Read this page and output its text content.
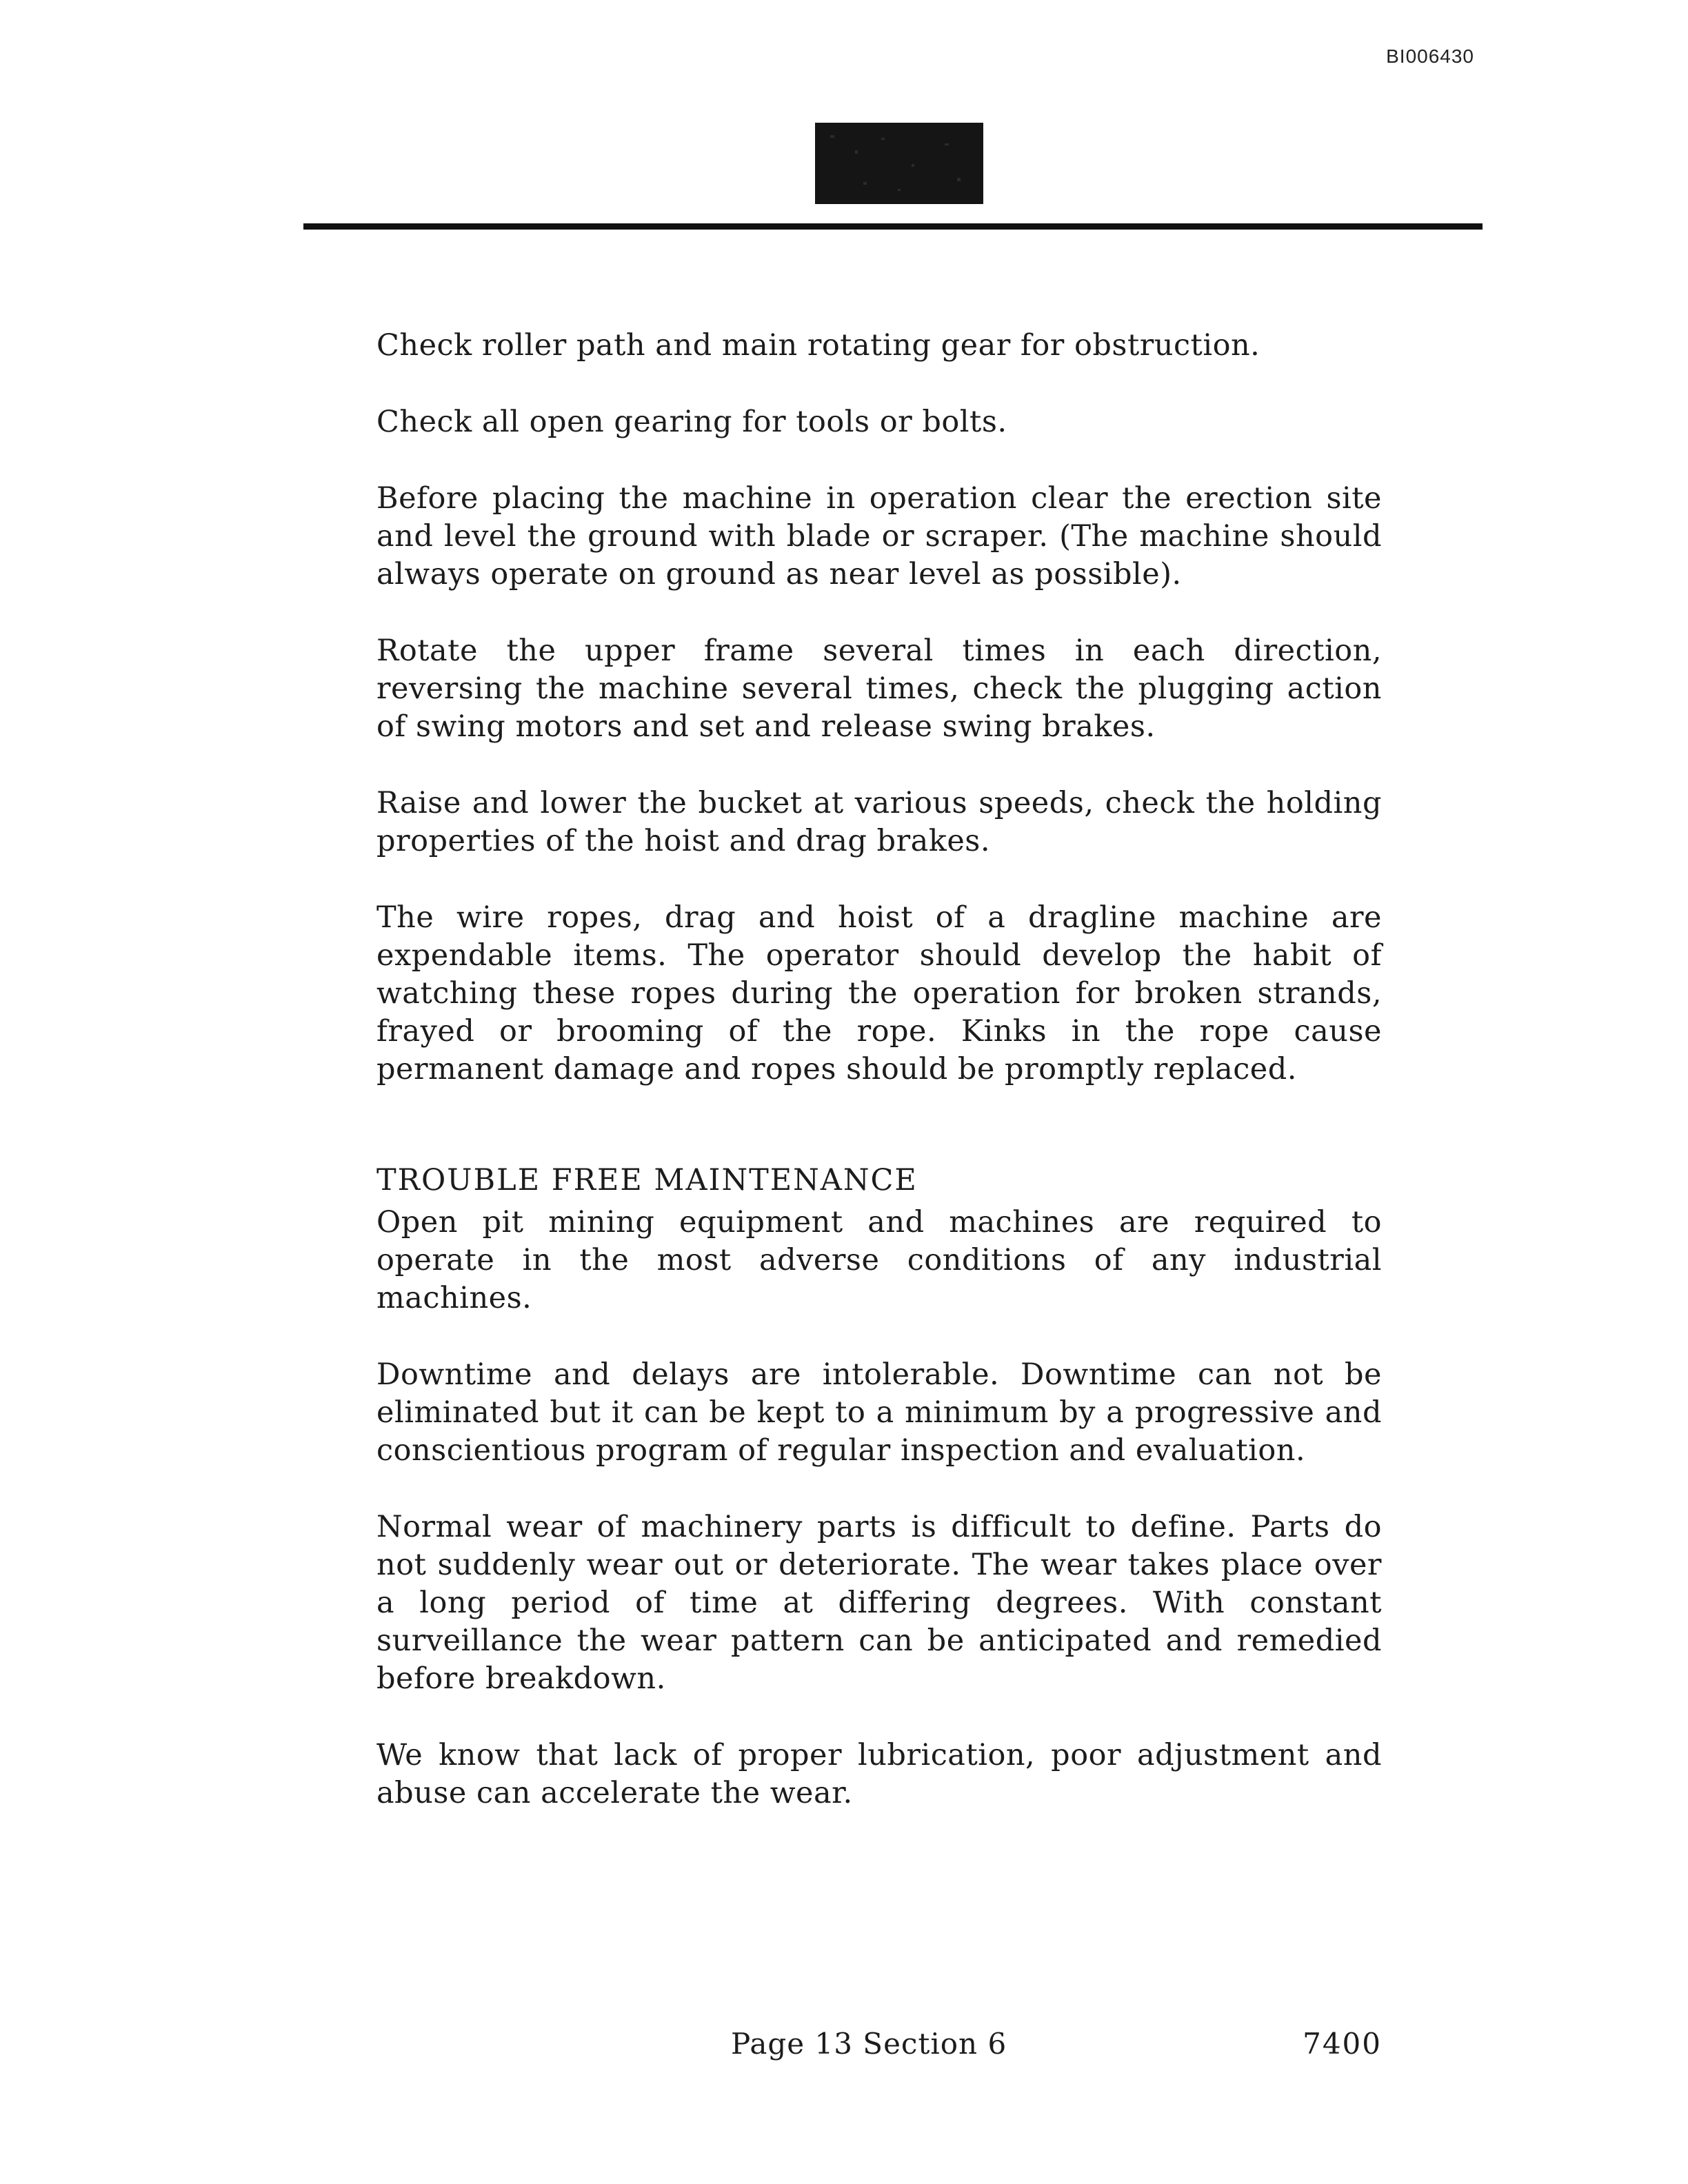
BI006430

Check roller path and main rotating gear for obstruction.

Check all open gearing for tools or bolts.

Before placing the machine in operation clear the erection site and level the ground with blade or scraper. (The machine should always operate on ground as near level as possible).

Rotate the upper frame several times in each direction, reversing the machine several times, check the plugging action of swing motors and set and release swing brakes.

Raise and lower the bucket at various speeds, check the holding properties of the hoist and drag brakes.

The wire ropes, drag and hoist of a dragline machine are expendable items. The operator should develop the habit of watching these ropes during the operation for broken strands, frayed or brooming of the rope. Kinks in the rope cause permanent damage and ropes should be promptly replaced.

TROUBLE FREE MAINTENANCE

Open pit mining equipment and machines are required to operate in the most adverse conditions of any industrial machines.

Downtime and delays are intolerable. Downtime can not be eliminated but it can be kept to a minimum by a progressive and conscientious program of regular inspection and evaluation.

Normal wear of machinery parts is difficult to define. Parts do not suddenly wear out or deteriorate. The wear takes place over a long period of time at differing degrees. With constant surveillance the wear pattern can be anticipated and remedied before breakdown.

We know that lack of proper lubrication, poor adjustment and abuse can accelerate the wear.

Page 13 Section 6	7400
